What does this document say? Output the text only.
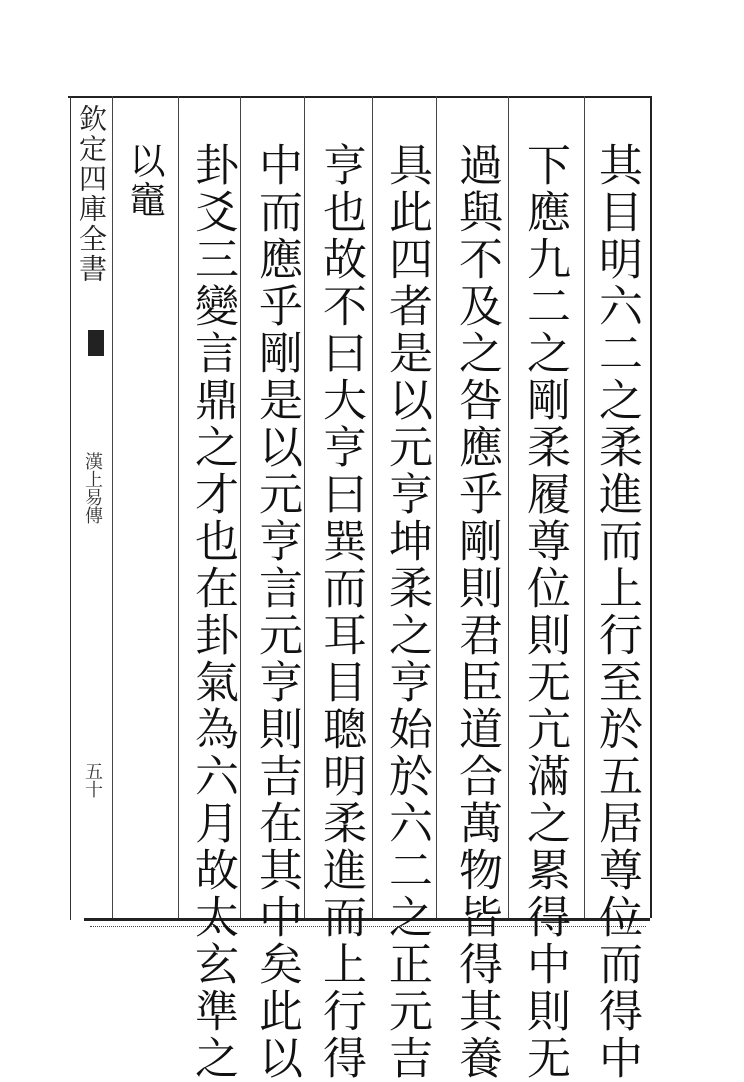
其目明六二之柔進而上行至於五居尊位而得中
下應九二之剛柔履尊位則无亢滿之累得中則无
過與不及之咎應乎剛則君臣道合萬物皆得其養
具此四者是以元亨坤柔之亨始於六二之正元吉
亨也故不曰大亨曰巽而耳目聰明柔進而上行得
中而應乎剛是以元亨言元亨則吉在其中矣此以
卦爻三變言鼎之才也在卦氣為六月故太玄準之
以竈
欽定四庫全書
漢上易傳
五十
